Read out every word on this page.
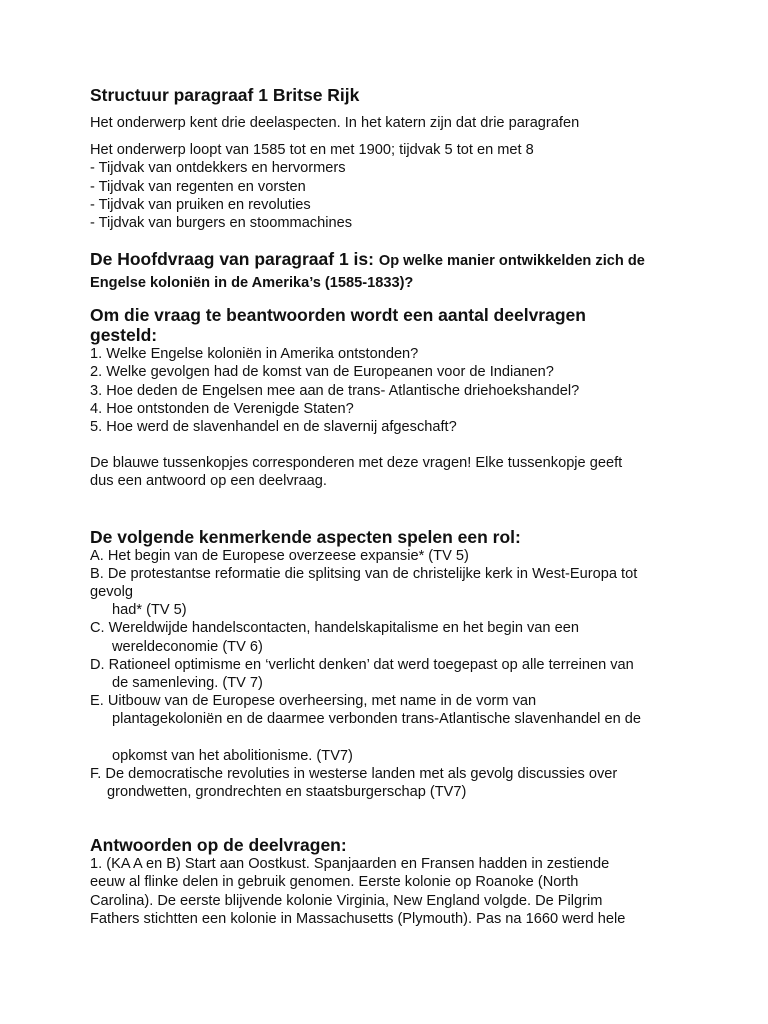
Structuur paragraaf 1 Britse Rijk
Het onderwerp kent drie deelaspecten. In het katern zijn dat drie paragrafen
Het onderwerp loopt van 1585 tot en met 1900; tijdvak 5 tot en met 8
- Tijdvak van ontdekkers en hervormers
- Tijdvak van regenten en vorsten
- Tijdvak van pruiken en revoluties
- Tijdvak van burgers en stoommachines
De Hoofdvraag van paragraaf 1 is: Op welke manier ontwikkelden zich de
Engelse koloniën in de Amerika’s (1585-1833)?
Om die vraag te beantwoorden wordt een aantal deelvragen
gesteld:
1. Welke Engelse koloniën in Amerika ontstonden?
2. Welke gevolgen had de komst van de Europeanen voor de Indianen?
3. Hoe deden de Engelsen mee aan de trans- Atlantische driehoekshandel?
4. Hoe ontstonden de Verenigde Staten?
5. Hoe werd de slavenhandel en de slavernij afgeschaft?
De blauwe tussenkopjes corresponderen met deze vragen! Elke tussenkopje geeft
dus een antwoord op een deelvraag.
De volgende kenmerkende aspecten spelen een rol:
A. Het begin van de Europese overzeese expansie* (TV 5)
B. De protestantse reformatie die splitsing van de christelijke kerk in West-Europa tot
gevolg
had* (TV 5)
C. Wereldwijde handelscontacten, handelskapitalisme en het begin van een
wereldeconomie (TV 6)
D. Rationeel optimisme en ‘verlicht denken’ dat werd toegepast op alle terreinen van
de samenleving. (TV 7)
E. Uitbouw van de Europese overheersing, met name in de vorm van
plantagekoloniën en de daarmee verbonden trans-Atlantische slavenhandel en de
opkomst van het abolitionisme. (TV7)
F. De democratische revoluties in westerse landen met als gevolg discussies over
grondwetten, grondrechten en staatsburgerschap (TV7)
Antwoorden op de deelvragen:
1. (KA A en B) Start aan Oostkust. Spanjaarden en Fransen hadden in zestiende
eeuw al flinke delen in gebruik genomen. Eerste kolonie op Roanoke (North
Carolina). De eerste blijvende kolonie Virginia, New England volgde. De Pilgrim
Fathers stichtten een kolonie in Massachusetts (Plymouth). Pas na 1660 werd hele
